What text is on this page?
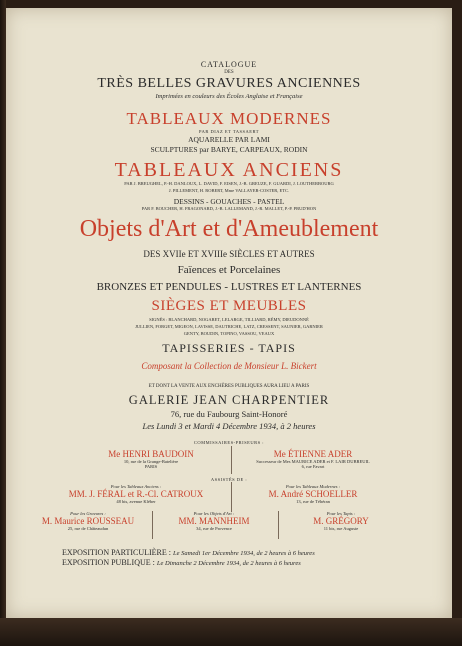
CATALOGUE
DES
TRÈS BELLES GRAVURES ANCIENNES
Imprimées en couleurs des Écoles Anglaise et Française
TABLEAUX MODERNES
PAR DIAZ ET TASSAERT
AQUARELLE PAR LAMI
SCULPTURES par BARYE, CARPEAUX, RODIN
TABLEAUX ANCIENS
PAR J. BREUGHEL, P.-H. DANLOUX, L. DAVID, F. EISEN, J.-B. GREUZE, F. GUARDI, J. LOUTHERBOURG
J. PILLEMENT, H. ROBERT, Mme VALLAYER-COSTER, ETC.
DESSINS - GOUACHES - PASTEL
PAR F. BOUCHER, H. FRAGONARD, J.-B. LALLEMAND, J.-R. MALLET, P.-P. PRUD'HON
Objets d'Art et d'Ameublement
DES XVIIe ET XVIIIe SIÈCLES ET AUTRES
Faïences et Porcelaines
BRONZES ET PENDULES - LUSTRES ET LANTERNES
SIÈGES ET MEUBLES
SIGNÉS : BLANCHARD, NOGARET, LELARGE, TILLIARD, RÉMY, DIEUDONNÉ
JULLIEN, FORGET, MIGEON, LAVISSE, DAUTRICHE, LATZ, CRESSENT, SAUNIER, GARNIER
GENTY, BOUDIN, TOPINO, VASSOU, VEAUX
TAPISSERIES - TAPIS
Composant la Collection de Monsieur L. Bickert
ET DONT LA VENTE AUX ENCHÈRES PUBLIQUES AURA LIEU A PARIS
GALERIE JEAN CHARPENTIER
76, rue du Faubourg Saint-Honoré
Les Lundi 3 et Mardi 4 Décembre 1934, à 2 heures
COMMISSAIRES-PRISEURS :
Me HENRI BAUDOIN
10, rue de la Grange-Batelière
PARIS
Me ÉTIENNE ADER
Successeur de Mes MAURICE ADER et F. LAIR DUBREUIL
6, rue Favart
ASSISTÉS DE :
Pour les Tableaux Anciens :
MM. J. FÉRAL et R.-Cl. CATROUX
48 bis, avenue Kléber
Pour les Tableaux Modernes :
M. André SCHOELLER
13, rue de Téhéran
Pour les Gravures :
M. Maurice ROUSSEAU
25, rue de Châteaudun
Pour les Objets d'Art :
MM. MANNHEIM
34, rue de Provence
Pour les Tapis :
M. GRÉGORY
11 bis, rue Auguste
EXPOSITION PARTICULIÈRE : Le Samedi 1er Décembre 1934, de 2 heures à 6 heures
EXPOSITION PUBLIQUE : Le Dimanche 2 Décembre 1934, de 2 heures à 6 heures
